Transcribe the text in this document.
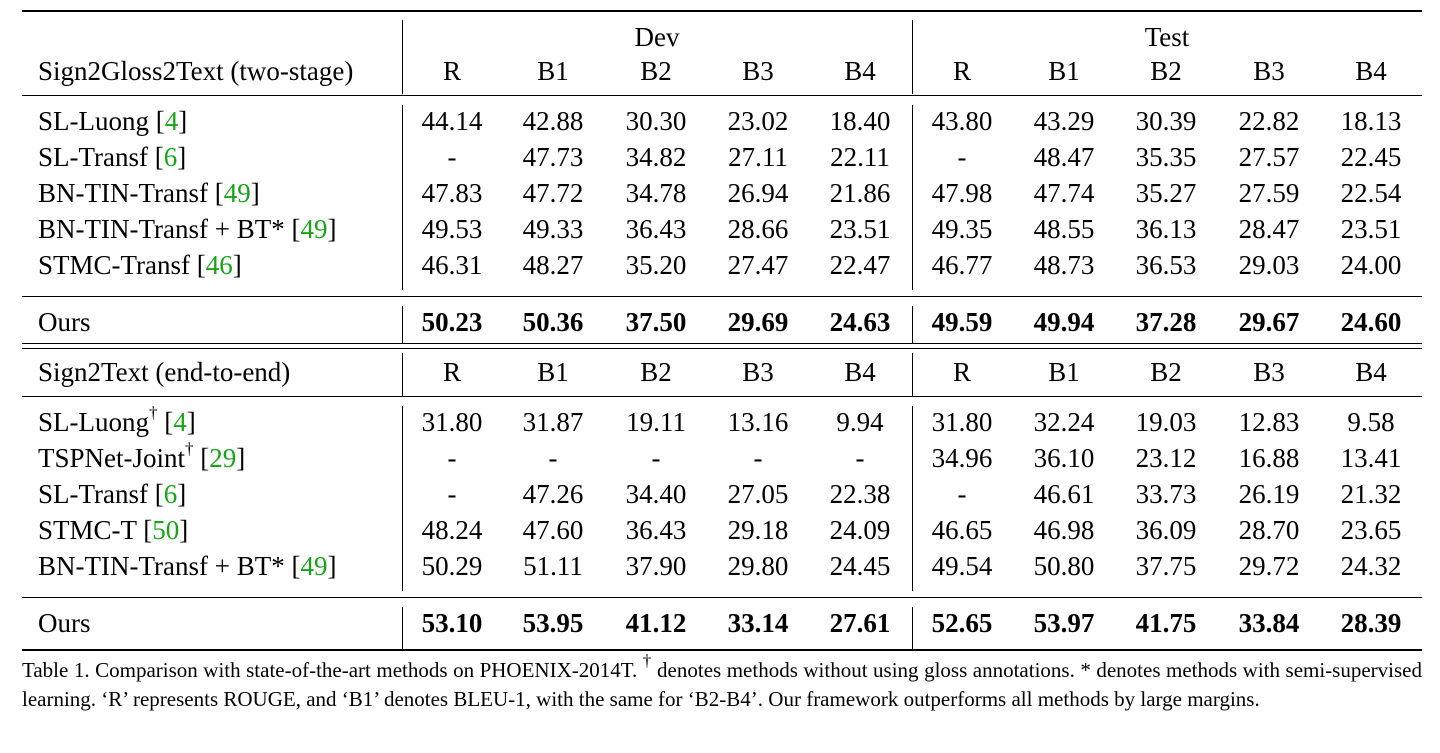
Dev	Test
Sign2Gloss2Text (two-stage)	R	B1	B2	B3	B4	R	B1	B2	B3	B4
SL-Luong [4]	44.14	42.88	30.30	23.02	18.40	43.80	43.29	30.39	22.82	18.13
SL-Transf [6]	-	47.73	34.82	27.11	22.11	-	48.47	35.35	27.57	22.45
BN-TIN-Transf [49]	47.83	47.72	34.78	26.94	21.86	47.98	47.74	35.27	27.59	22.54
BN-TIN-Transf + BT* [49]	49.53	49.33	36.43	28.66	23.51	49.35	48.55	36.13	28.47	23.51
STMC-Transf [46]	46.31	48.27	35.20	27.47	22.47	46.77	48.73	36.53	29.03	24.00
Ours	50.23	50.36	37.50	29.69	24.63	49.59	49.94	37.28	29.67	24.60
Sign2Text (end-to-end)	R	B1	B2	B3	B4	R	B1	B2	B3	B4
SL-Luong† [4]	31.80	31.87	19.11	13.16	9.94	31.80	32.24	19.03	12.83	9.58
TSPNet-Joint† [29]	-	-	-	-	-	34.96	36.10	23.12	16.88	13.41
SL-Transf [6]	-	47.26	34.40	27.05	22.38	-	46.61	33.73	26.19	21.32
STMC-T [50]	48.24	47.60	36.43	29.18	24.09	46.65	46.98	36.09	28.70	23.65
BN-TIN-Transf + BT* [49]	50.29	51.11	37.90	29.80	24.45	49.54	50.80	37.75	29.72	24.32
Ours	53.10	53.95	41.12	33.14	27.61	52.65	53.97	41.75	33.84	28.39
Table 1. Comparison with state-of-the-art methods on PHOENIX-2014T. † denotes methods without using gloss annotations. * denotes methods with semi-supervised learning. ‘R’ represents ROUGE, and ‘B1’ denotes BLEU-1, with the same for ‘B2-B4’. Our framework outperforms all methods by large margins.
